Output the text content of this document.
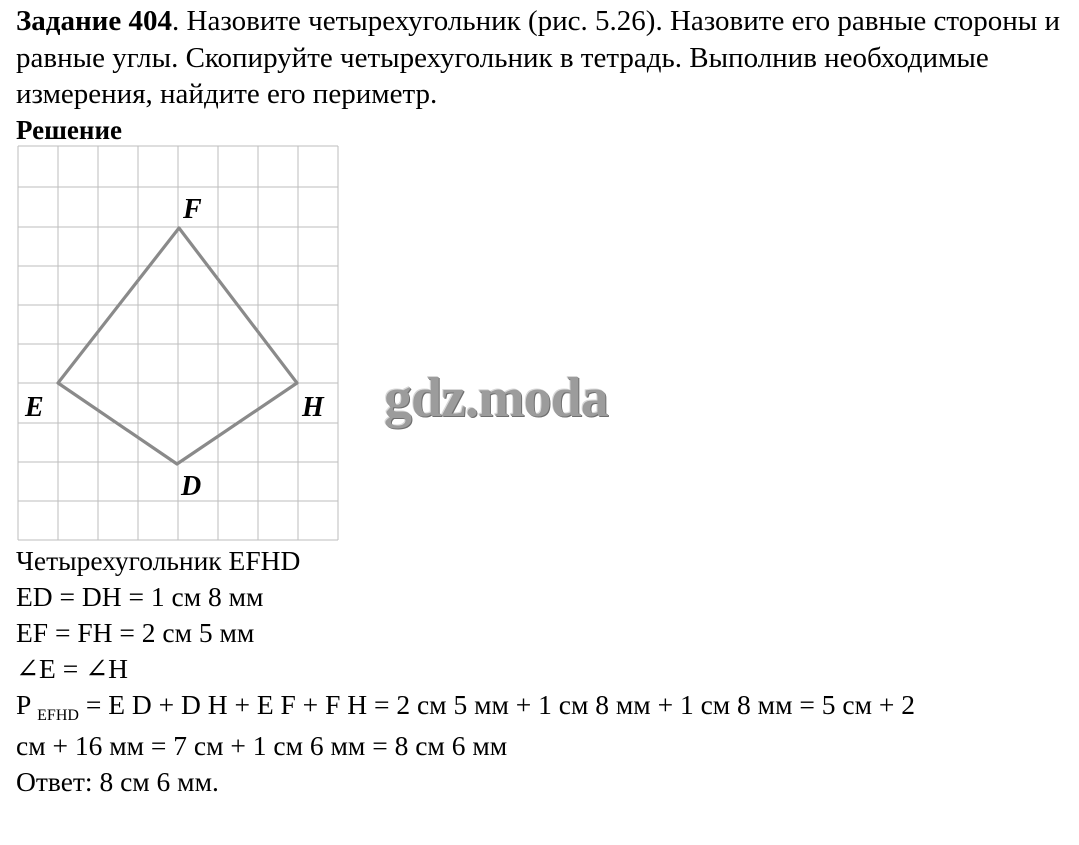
Задание 404. Назовите четырехугольник (рис. 5.26). Назовите его равные стороны и равные углы. Скопируйте четырехугольник в тетрадь. Выполнив необходимые измерения, найдите его периметр.
Решение
F
E	H
D
gdz.moda
Четырехугольник EFHD
ED = DH = 1 см 8 мм
EF = FH = 2 см 5 мм
∠E = ∠H
P $_{EFHD}$ = E D + D H + E F + F H = 2 см 5 мм + 1 см 8 мм + 1 см 8 мм = 5 см + 2
см + 16 мм = 7 см + 1 см 6 мм = 8 см 6 мм
Ответ: 8 см 6 мм.
